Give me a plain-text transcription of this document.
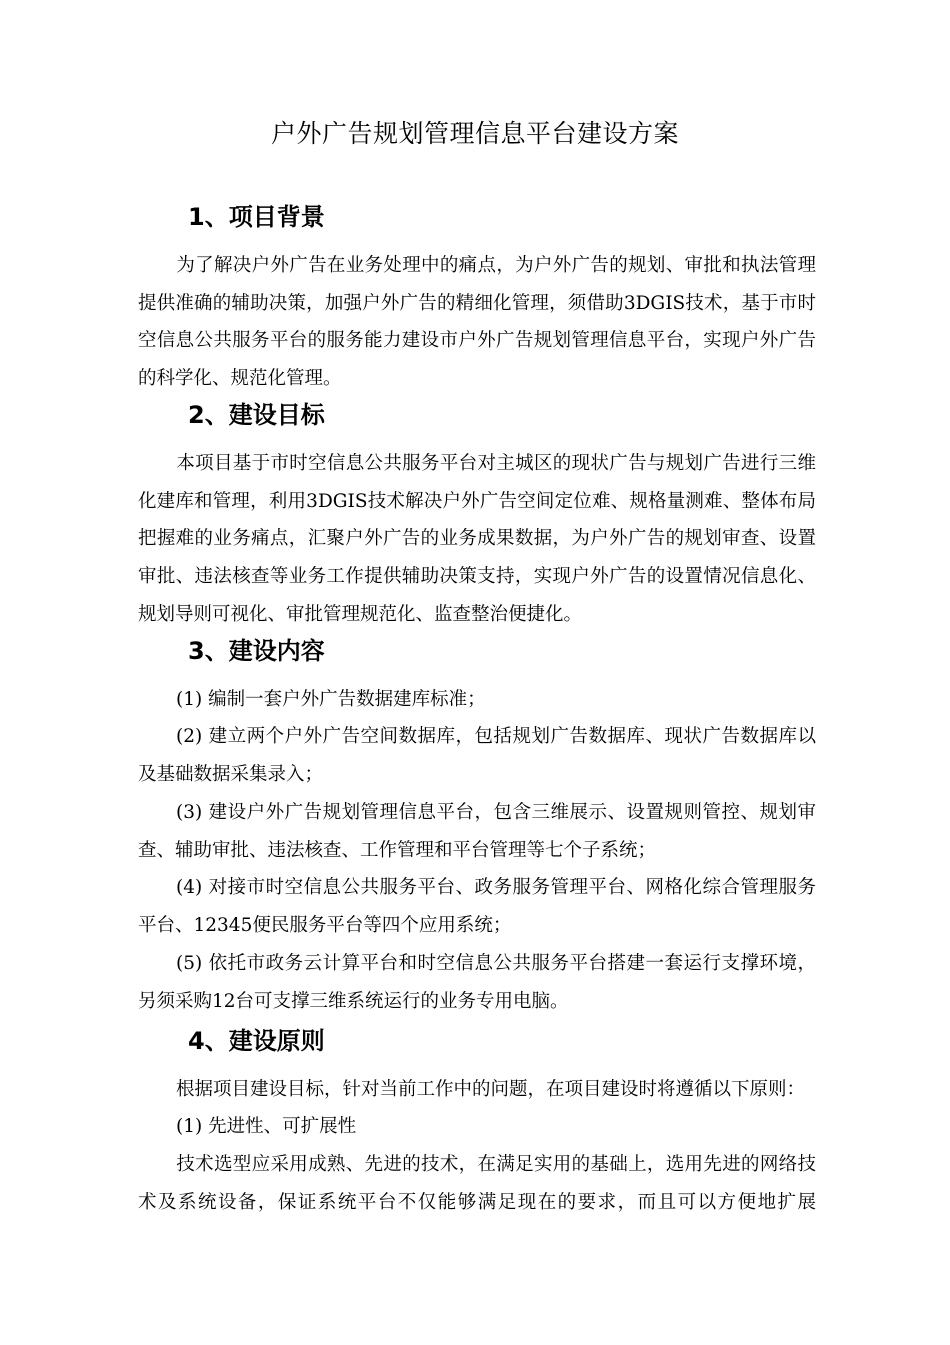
户外广告规划管理信息平台建设方案
1、项目背景
为了解决户外广告在业务处理中的痛点，为户外广告的规划、审批和执法管理提供准确的辅助决策，加强户外广告的精细化管理，须借助3DGIS技术，基于市时空信息公共服务平台的服务能力建设市户外广告规划管理信息平台，实现户外广告的科学化、规范化管理。
2、建设目标
本项目基于市时空信息公共服务平台对主城区的现状广告与规划广告进行三维化建库和管理，利用3DGIS技术解决户外广告空间定位难、规格量测难、整体布局把握难的业务痛点，汇聚户外广告的业务成果数据，为户外广告的规划审查、设置审批、违法核查等业务工作提供辅助决策支持，实现户外广告的设置情况信息化、规划导则可视化、审批管理规范化、监查整治便捷化。
3、建设内容
(1) 编制一套户外广告数据建库标准；
(2) 建立两个户外广告空间数据库，包括规划广告数据库、现状广告数据库以及基础数据采集录入；
(3) 建设户外广告规划管理信息平台，包含三维展示、设置规则管控、规划审查、辅助审批、违法核查、工作管理和平台管理等七个子系统；
(4) 对接市时空信息公共服务平台、政务服务管理平台、网格化综合管理服务平台、12345便民服务平台等四个应用系统；
(5) 依托市政务云计算平台和时空信息公共服务平台搭建一套运行支撑环境，另须采购12台可支撑三维系统运行的业务专用电脑。
4、建设原则
根据项目建设目标，针对当前工作中的问题，在项目建设时将遵循以下原则：
(1) 先进性、可扩展性
技术选型应采用成熟、先进的技术，在满足实用的基础上，选用先进的网络技术及系统设备，保证系统平台不仅能够满足现在的要求，而且可以方便地扩展
